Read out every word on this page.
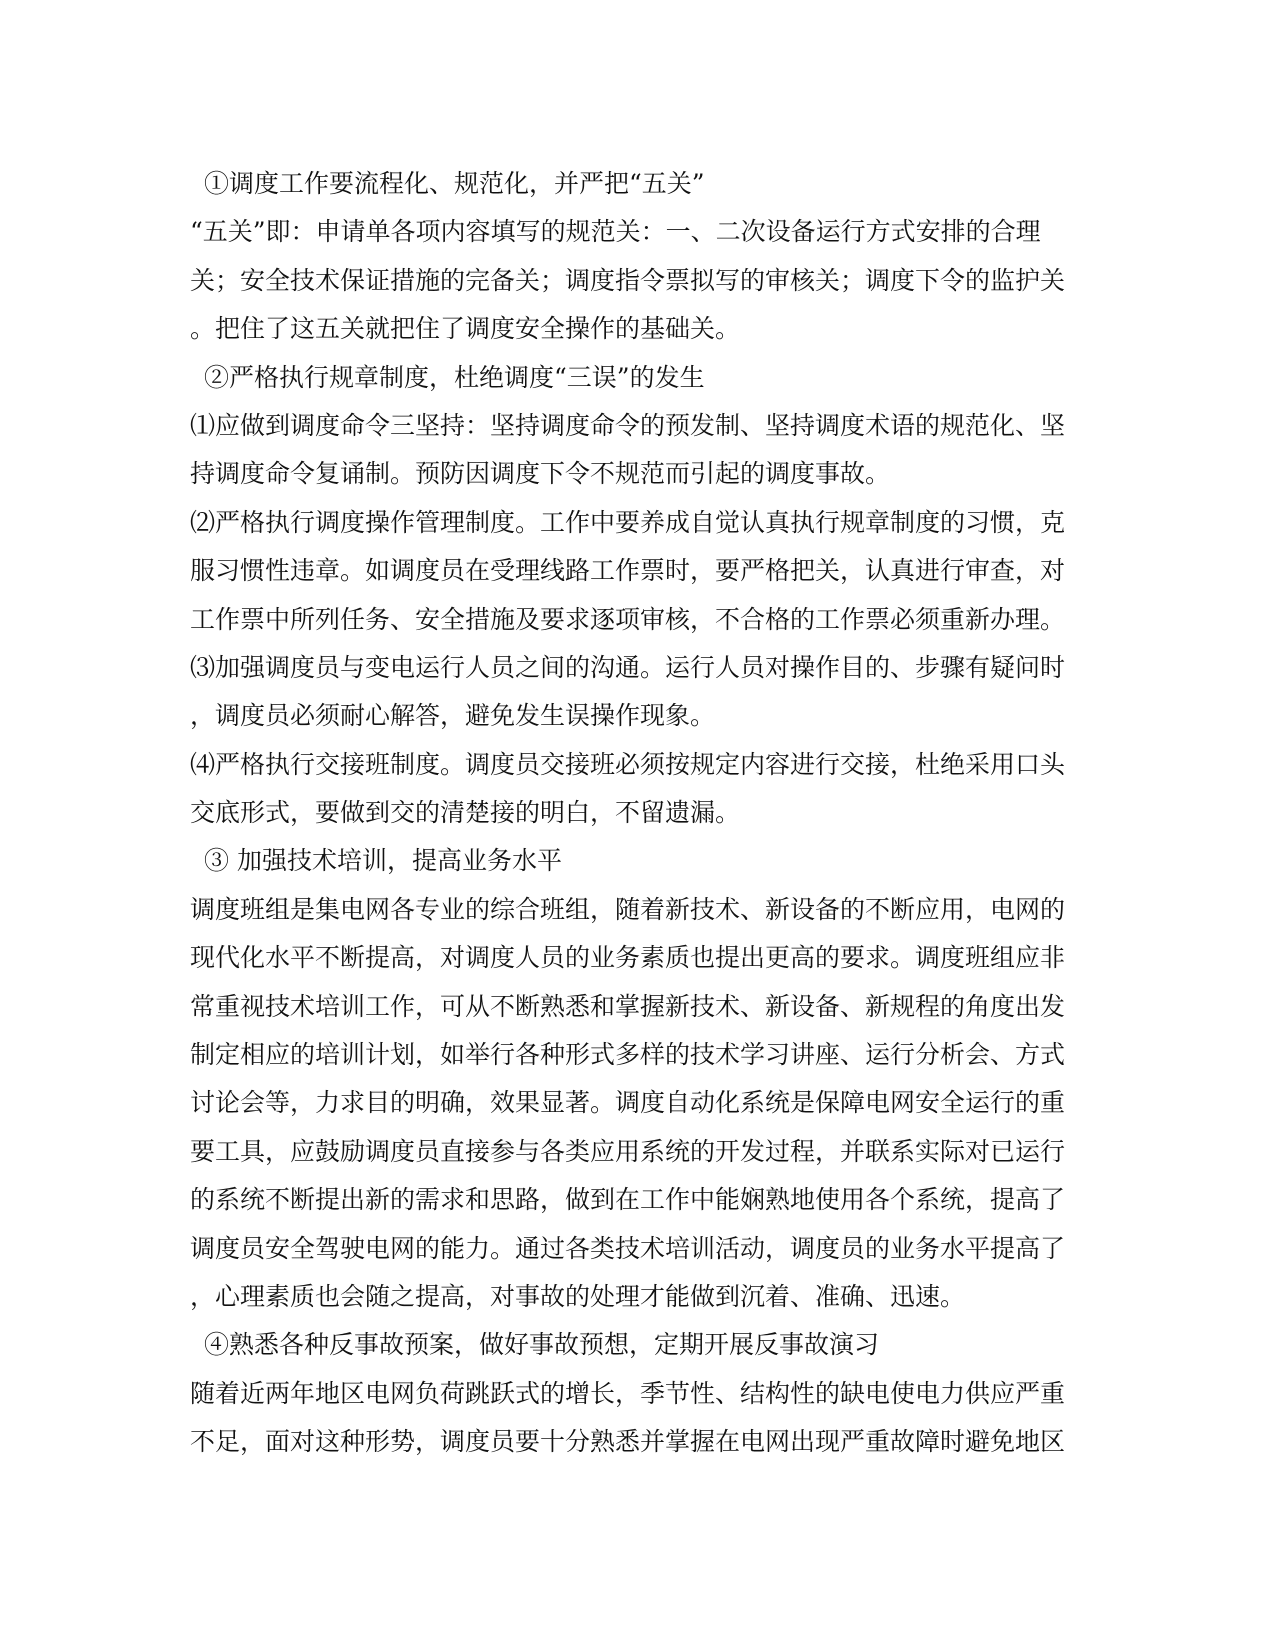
①调度工作要流程化、规范化，并严把“五关”
“五关”即：申请单各项内容填写的规范关：一、二次设备运行方式安排的合理
关；安全技术保证措施的完备关；调度指令票拟写的审核关；调度下令的监护关
。把住了这五关就把住了调度安全操作的基础关。
②严格执行规章制度，杜绝调度“三误”的发生
⑴应做到调度命令三坚持：坚持调度命令的预发制、坚持调度术语的规范化、坚
持调度命令复诵制。预防因调度下令不规范而引起的调度事故。
⑵严格执行调度操作管理制度。工作中要养成自觉认真执行规章制度的习惯，克
服习惯性违章。如调度员在受理线路工作票时，要严格把关，认真进行审查，对
工作票中所列任务、安全措施及要求逐项审核，不合格的工作票必须重新办理。
⑶加强调度员与变电运行人员之间的沟通。运行人员对操作目的、步骤有疑问时
，调度员必须耐心解答，避免发生误操作现象。
⑷严格执行交接班制度。调度员交接班必须按规定内容进行交接，杜绝采用口头
交底形式，要做到交的清楚接的明白，不留遗漏。
③ 加强技术培训，提高业务水平
调度班组是集电网各专业的综合班组，随着新技术、新设备的不断应用，电网的
现代化水平不断提高，对调度人员的业务素质也提出更高的要求。调度班组应非
常重视技术培训工作，可从不断熟悉和掌握新技术、新设备、新规程的角度出发
制定相应的培训计划，如举行各种形式多样的技术学习讲座、运行分析会、方式
讨论会等，力求目的明确，效果显著。调度自动化系统是保障电网安全运行的重
要工具，应鼓励调度员直接参与各类应用系统的开发过程，并联系实际对已运行
的系统不断提出新的需求和思路，做到在工作中能娴熟地使用各个系统，提高了
调度员安全驾驶电网的能力。通过各类技术培训活动，调度员的业务水平提高了
，心理素质也会随之提高，对事故的处理才能做到沉着、准确、迅速。
④熟悉各种反事故预案，做好事故预想，定期开展反事故演习
随着近两年地区电网负荷跳跃式的增长，季节性、结构性的缺电使电力供应严重
不足，面对这种形势，调度员要十分熟悉并掌握在电网出现严重故障时避免地区
